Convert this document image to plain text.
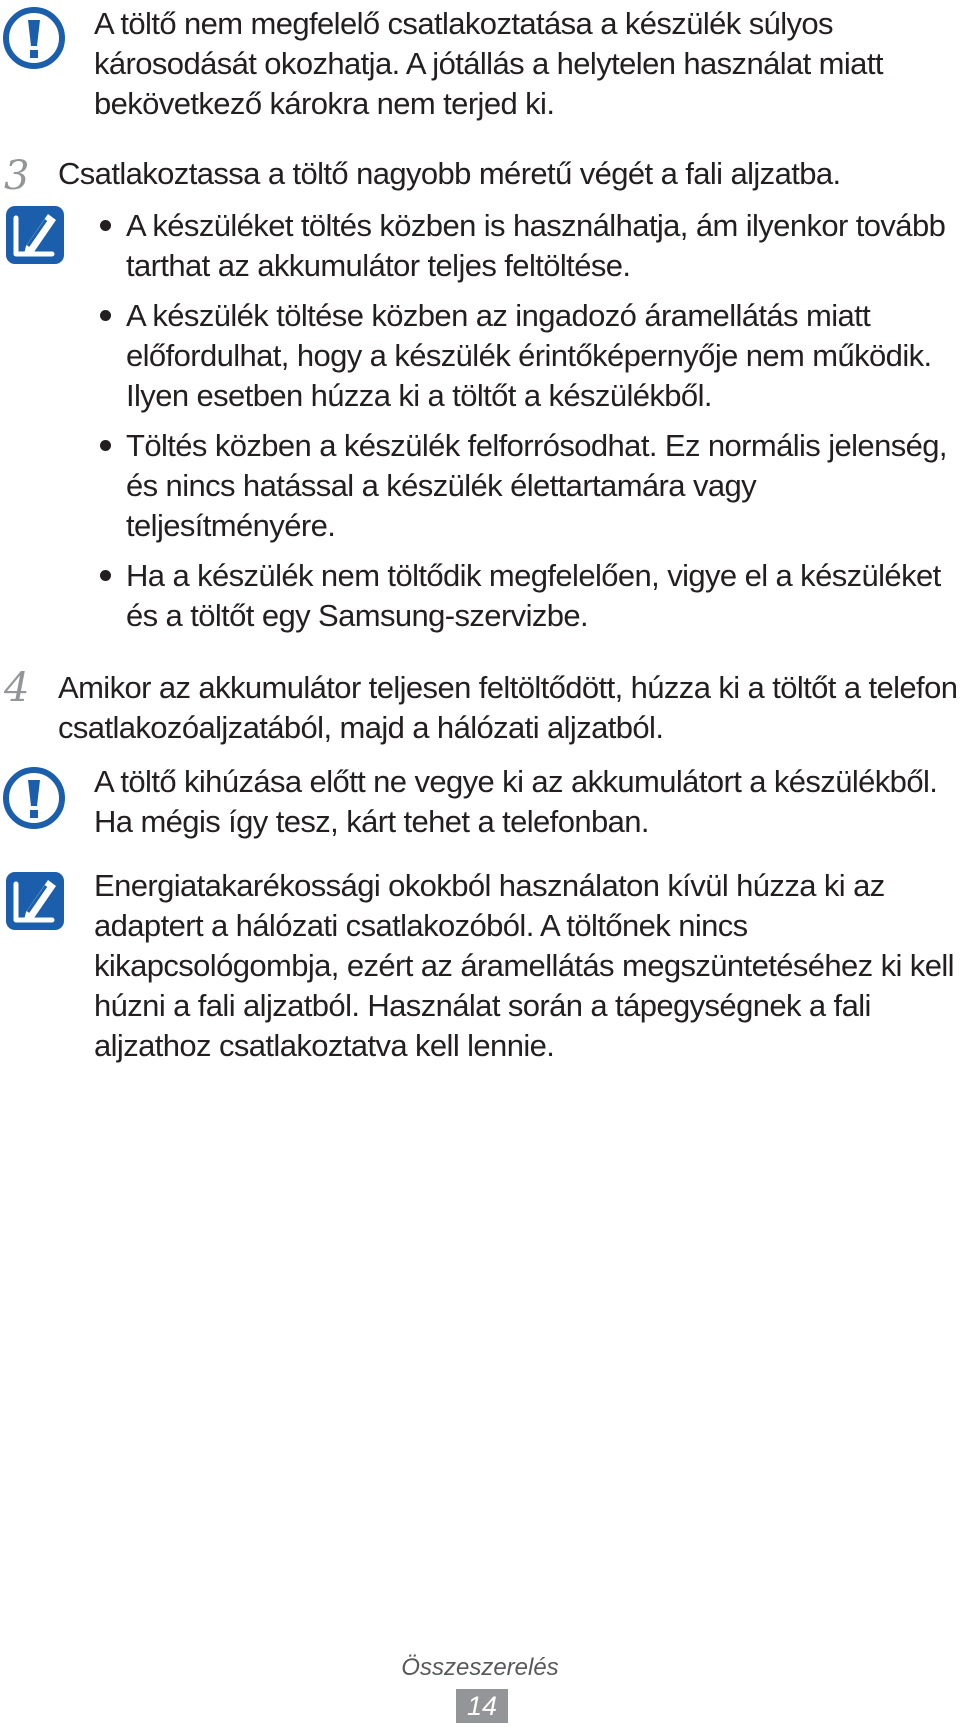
A töltő nem megfelelő csatlakoztatása a készülék súlyos károsodását okozhatja. A jótállás a helytelen használat miatt bekövetkező károkra nem terjed ki.
3 Csatlakoztassa a töltő nagyobb méretű végét a fali aljzatba.
A készüléket töltés közben is használhatja, ám ilyenkor tovább tarthat az akkumulátor teljes feltöltése.
A készülék töltése közben az ingadozó áramellátás miatt előfordulhat, hogy a készülék érintőképernyője nem működik. Ilyen esetben húzza ki a töltőt a készülékből.
Töltés közben a készülék felforrósodhat. Ez normális jelenség, és nincs hatással a készülék élettartamára vagy teljesítményére.
Ha a készülék nem töltődik megfelelően, vigye el a készüléket és a töltőt egy Samsung-szervizbe.
4 Amikor az akkumulátor teljesen feltöltődött, húzza ki a töltőt a telefon csatlakozóaljzatából, majd a hálózati aljzatból.
A töltő kihúzása előtt ne vegye ki az akkumulátort a készülékből. Ha mégis így tesz, kárt tehet a telefonban.
Energiatakarékossági okokból használaton kívül húzza ki az adaptert a hálózati csatlakozóból. A töltőnek nincs kikapcsológombja, ezért az áramellátás megszüntetéséhez ki kell húzni a fali aljzatból. Használat során a tápegységnek a fali aljzathoz csatlakoztatva kell lennie.
Összeszerelés
14
